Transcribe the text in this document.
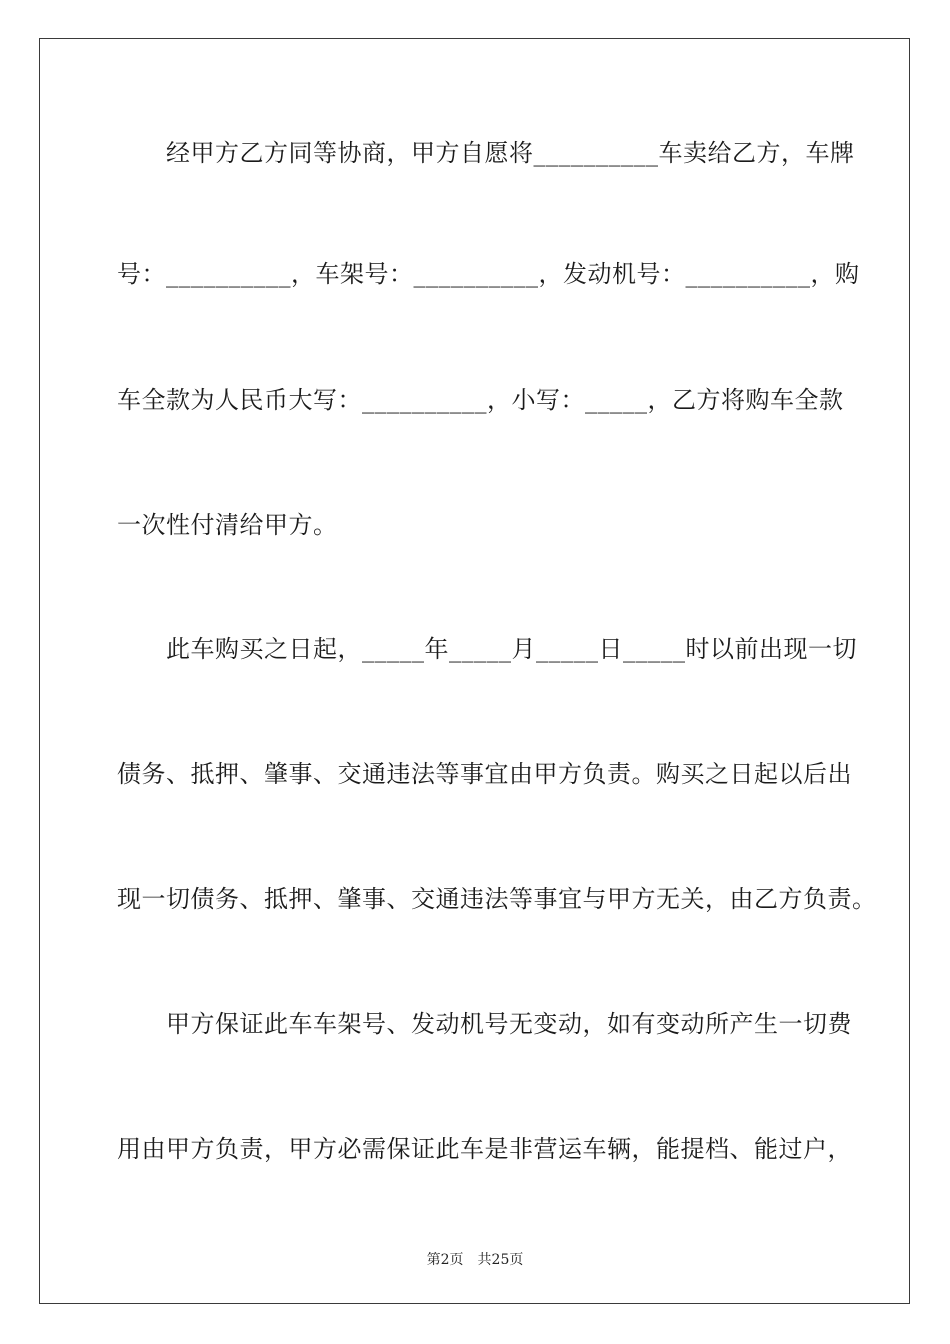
　　经甲方乙方同等协商，甲方自愿将__________车卖给乙方，车牌
号：__________，车架号：__________，发动机号：__________，购
车全款为人民币大写：__________，小写：_____，乙方将购车全款
一次性付清给甲方。
　　此车购买之日起，_____年_____月_____日_____时以前出现一切
债务、抵押、肇事、交通违法等事宜由甲方负责。购买之日起以后出
现一切债务、抵押、肇事、交通违法等事宜与甲方无关，由乙方负责。
　　甲方保证此车车架号、发动机号无变动，如有变动所产生一切费
用由甲方负责，甲方必需保证此车是非营运车辆，能提档、能过户，
第2页 共25页
